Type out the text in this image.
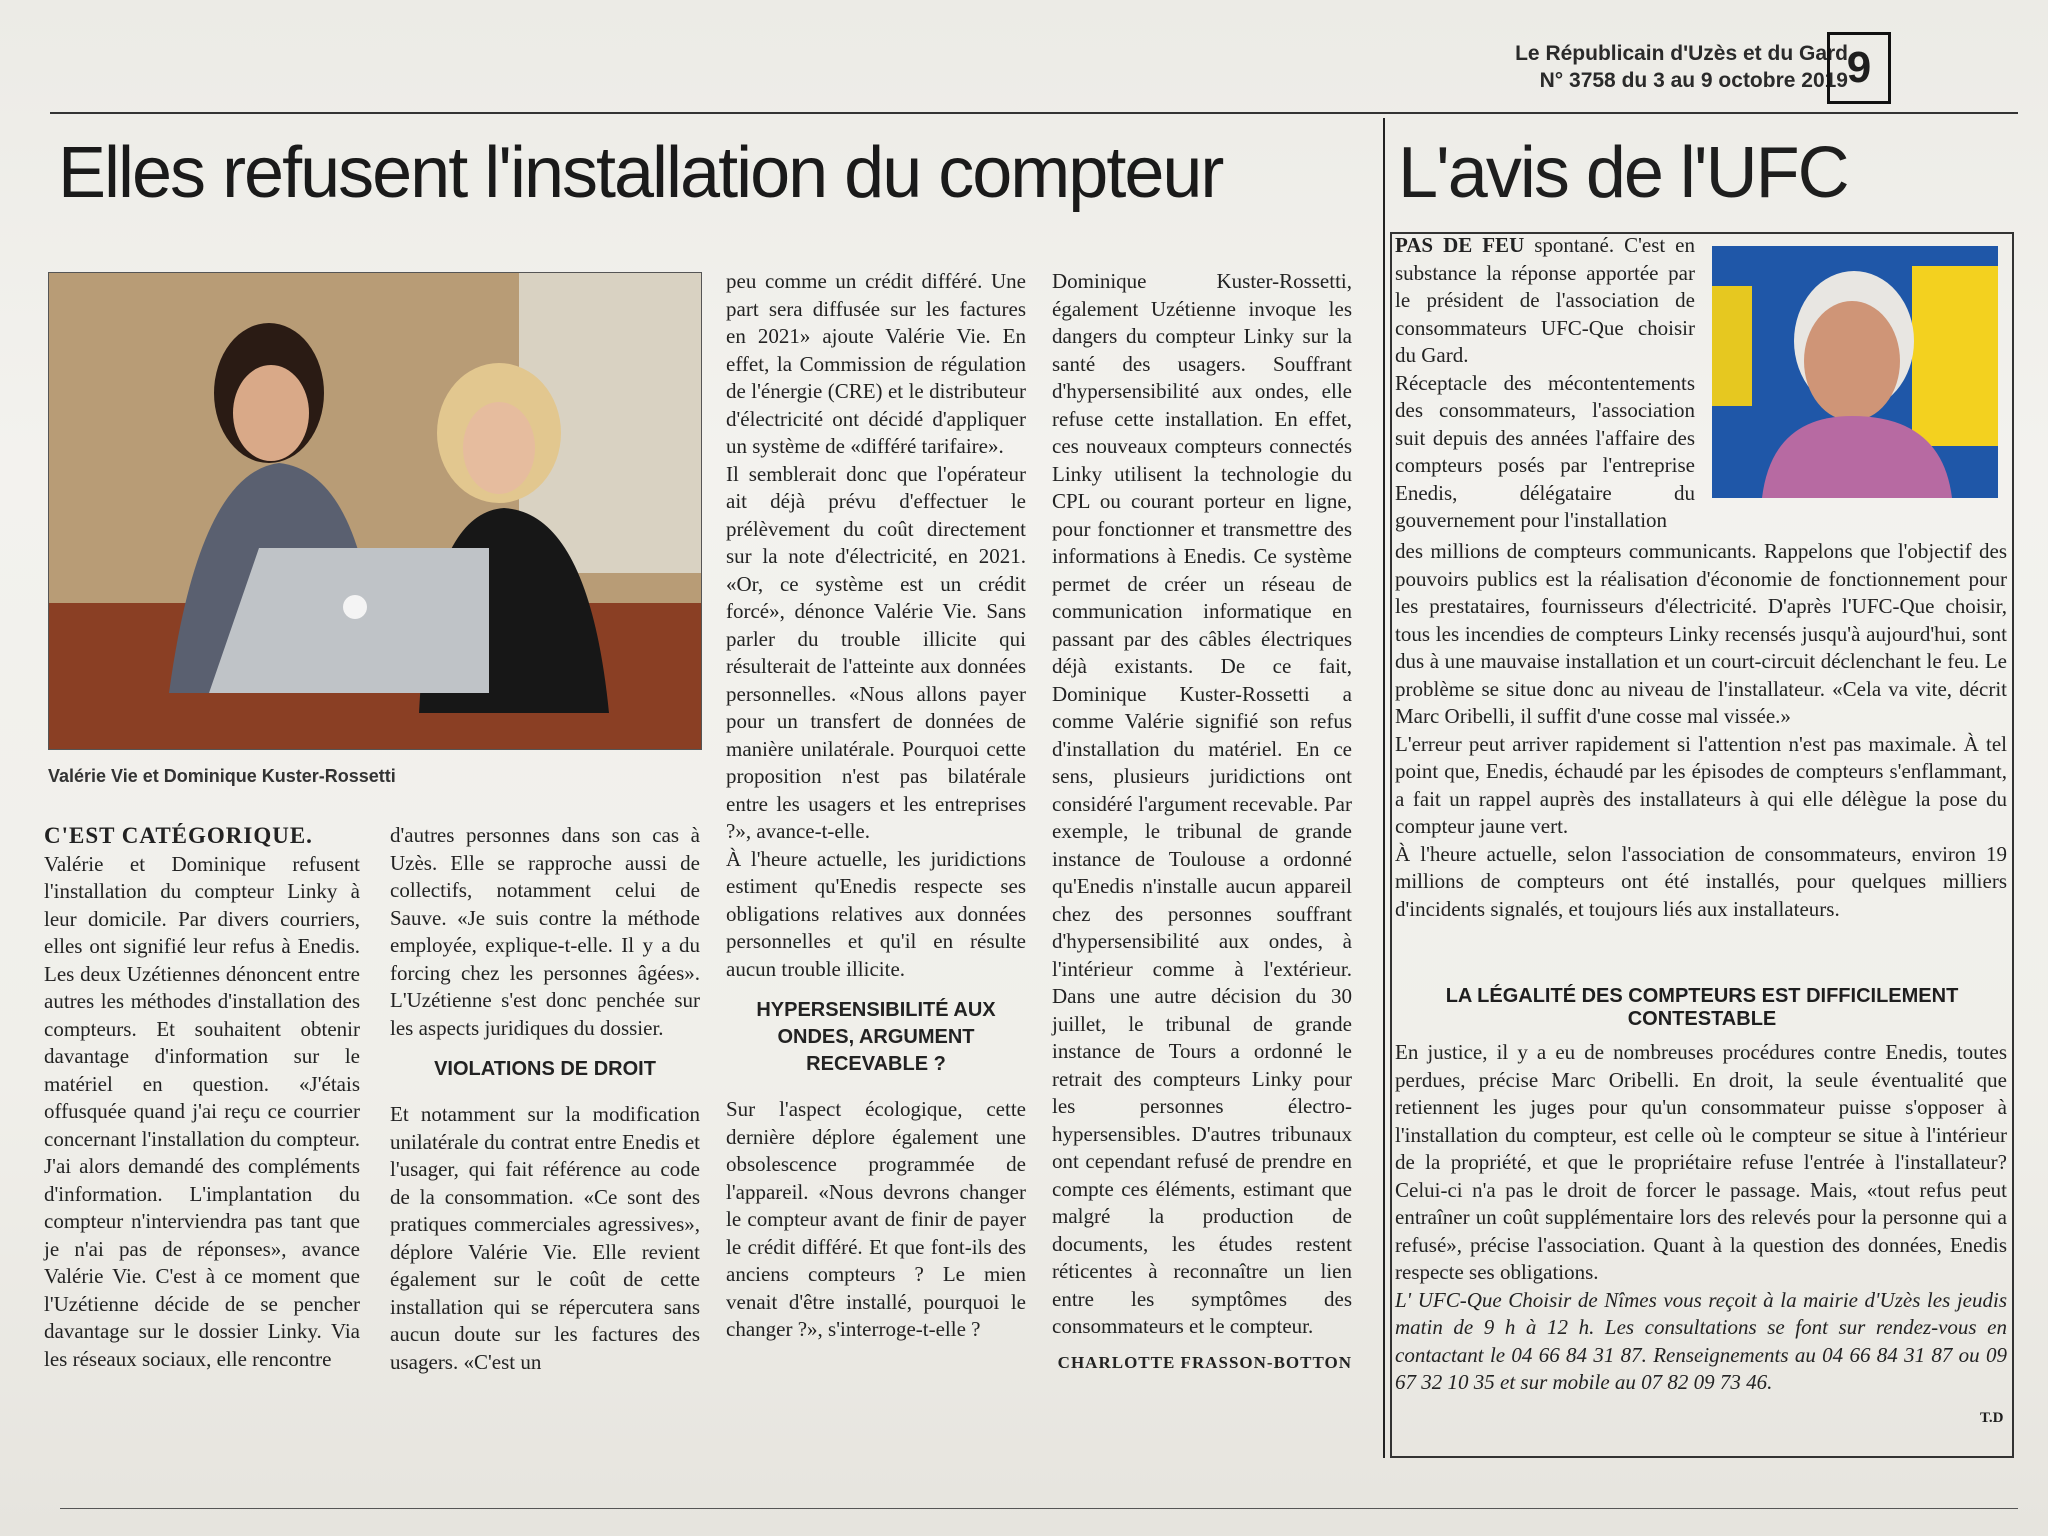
Le Républicain d'Uzès et du Gard
N° 3758 du 3 au 9 octobre 2019
9
Elles refusent l'installation du compteur	L'avis de l'UFC
Valérie Vie et Dominique Kuster-Rossetti
C'EST CATÉGORIQUE.

Valérie et Dominique refusent l'installation du compteur Linky à leur domicile. Par divers courriers, elles ont signifié leur refus à Enedis. Les deux Uzétiennes dénoncent entre autres les méthodes d'installation des compteurs. Et souhaitent obtenir davantage d'information sur le matériel en question. «J'étais offusquée quand j'ai reçu ce courrier concernant l'installation du compteur. J'ai alors demandé des compléments d'information. L'implantation du compteur n'interviendra pas tant que je n'ai pas de réponses», avance Valérie Vie. C'est à ce moment que l'Uzétienne décide de se pencher davantage sur le dossier Linky. Via les réseaux sociaux, elle rencontre

d'autres personnes dans son cas à Uzès. Elle se rapproche aussi de collectifs, notamment celui de Sauve. «Je suis contre la méthode employée, explique-t-elle. Il y a du forcing chez les personnes âgées». L'Uzétienne s'est donc penchée sur les aspects juridiques du dossier.

VIOLATIONS DE DROIT

Et notamment sur la modification unilatérale du contrat entre Enedis et l'usager, qui fait référence au code de la consommation. «Ce sont des pratiques commerciales agressives», déplore Valérie Vie. Elle revient également sur le coût de cette installation qui se répercutera sans aucun doute sur les factures des usagers. «C'est un

peu comme un crédit différé. Une part sera diffusée sur les factures en 2021» ajoute Valérie Vie. En effet, la Commission de régulation de l'énergie (CRE) et le distributeur d'électricité ont décidé d'appliquer un système de «différé tarifaire».
Il semblerait donc que l'opérateur ait déjà prévu d'effectuer le prélèvement du coût directement sur la note d'électricité, en 2021. «Or, ce système est un crédit forcé», dénonce Valérie Vie. Sans parler du trouble illicite qui résulterait de l'atteinte aux données personnelles. «Nous allons payer pour un transfert de données de manière unilatérale. Pourquoi cette proposition n'est pas bilatérale entre les usagers et les entreprises ?», avance-t-elle.
À l'heure actuelle, les juridictions estiment qu'Enedis respecte ses obligations relatives aux données personnelles et qu'il en résulte aucun trouble illicite.

HYPERSENSIBILITÉ AUX ONDES, ARGUMENT RECEVABLE ?

Sur l'aspect écologique, cette dernière déplore également une obsolescence programmée de l'appareil. «Nous devrons changer le compteur avant de finir de payer le crédit différé. Et que font-ils des anciens compteurs ? Le mien venait d'être installé, pourquoi le changer ?», s'interroge-t-elle ?

Dominique Kuster-Rossetti, également Uzétienne invoque les dangers du compteur Linky sur la santé des usagers. Souffrant d'hypersensibilité aux ondes, elle refuse cette installation. En effet, ces nouveaux compteurs connectés Linky utilisent la technologie du CPL ou courant porteur en ligne, pour fonctionner et transmettre des informations à Enedis. Ce système permet de créer un réseau de communication informatique en passant par des câbles électriques déjà existants. De ce fait, Dominique Kuster-Rossetti a comme Valérie signifié son refus d'installation du matériel. En ce sens, plusieurs juridictions ont considéré l'argument recevable. Par exemple, le tribunal de grande instance de Toulouse a ordonné qu'Enedis n'installe aucun appareil chez des personnes souffrant d'hypersensibilité aux ondes, à l'intérieur comme à l'extérieur. Dans une autre décision du 30 juillet, le tribunal de grande instance de Tours a ordonné le retrait des compteurs Linky pour les personnes électro-hypersensibles. D'autres tribunaux ont cependant refusé de prendre en compte ces éléments, estimant que malgré la production de documents, les études restent réticentes à reconnaître un lien entre les symptômes des consommateurs et le compteur.

CHARLOTTE FRASSON-BOTTON
PAS DE FEU spontané. C'est en substance la réponse apportée par le président de l'association de consommateurs UFC-Que choisir du Gard.
Réceptacle des mécontentements des consommateurs, l'association suit depuis des années l'affaire des compteurs posés par l'entreprise Enedis, délégataire du gouvernement pour l'installation
des millions de compteurs communicants. Rappelons que l'objectif des pouvoirs publics est la réalisation d'économie de fonctionnement pour les prestataires, fournisseurs d'électricité. D'après l'UFC-Que choisir, tous les incendies de compteurs Linky recensés jusqu'à aujourd'hui, sont dus à une mauvaise installation et un court-circuit déclenchant le feu. Le problème se situe donc au niveau de l'installateur. «Cela va vite, décrit Marc Oribelli, il suffit d'une cosse mal vissée.»
L'erreur peut arriver rapidement si l'attention n'est pas maximale. À tel point que, Enedis, échaudé par les épisodes de compteurs s'enflammant, a fait un rappel auprès des installateurs à qui elle délègue la pose du compteur jaune vert.
À l'heure actuelle, selon l'association de consommateurs, environ 19 millions de compteurs ont été installés, pour quelques milliers d'incidents signalés, et toujours liés aux installateurs.
LA LÉGALITÉ DES COMPTEURS EST DIFFICILEMENT CONTESTABLE

En justice, il y a eu de nombreuses procédures contre Enedis, toutes perdues, précise Marc Oribelli. En droit, la seule éventualité que retiennent les juges pour qu'un consommateur puisse s'opposer à l'installation du compteur, est celle où le compteur se situe à l'intérieur de la propriété, et que le propriétaire refuse l'entrée à l'installateur? Celui-ci n'a pas le droit de forcer le passage. Mais, «tout refus peut entraîner un coût supplémentaire lors des relevés pour la personne qui a refusé», précise l'association. Quant à la question des données, Enedis respecte ses obligations.

L' UFC-Que Choisir de Nîmes vous reçoit à la mairie d'Uzès les jeudis matin de 9 h à 12 h. Les consultations se font sur rendez-vous en contactant le 04 66 84 31 87. Renseignements au 04 66 84 31 87 ou 09 67 32 10 35 et sur mobile au 07 82 09 73 46.

T.D
